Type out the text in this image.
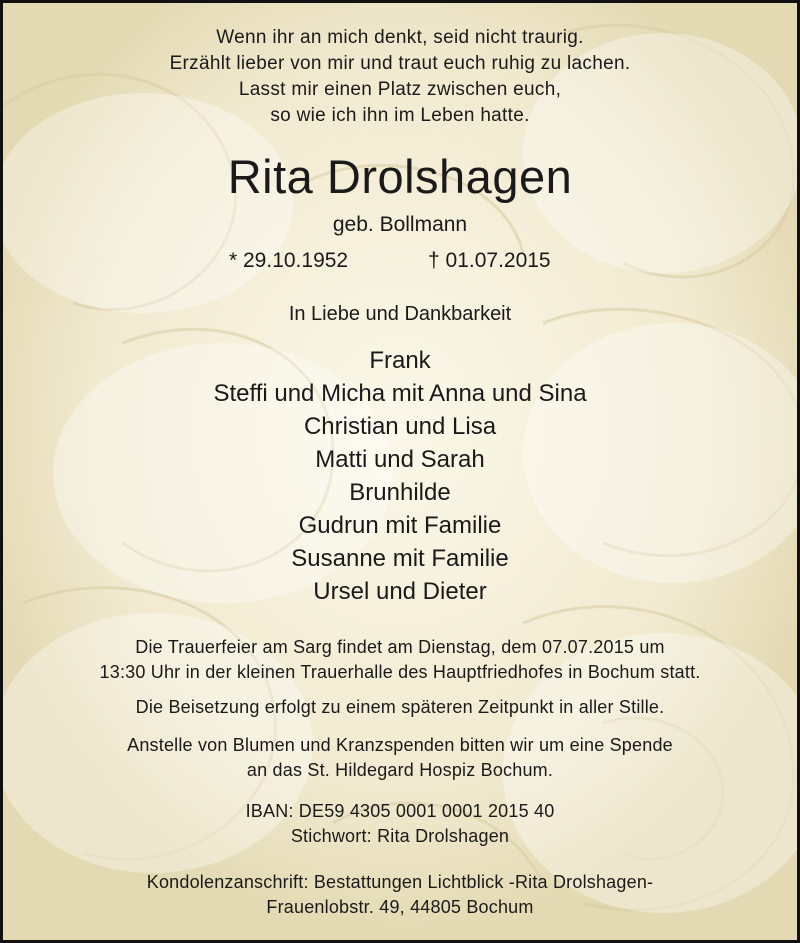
Wenn ihr an mich denkt, seid nicht traurig.
Erzählt lieber von mir und traut euch ruhig zu lachen.
Lasst mir einen Platz zwischen euch,
so wie ich ihn im Leben hatte.
Rita Drolshagen
geb. Bollmann
* 29.10.1952	† 01.07.2015
In Liebe und Dankbarkeit
Frank
Steffi und Micha mit Anna und Sina
Christian und Lisa
Matti und Sarah
Brunhilde
Gudrun mit Familie
Susanne mit Familie
Ursel und Dieter
Die Trauerfeier am Sarg findet am Dienstag, dem 07.07.2015 um
13:30 Uhr in der kleinen Trauerhalle des Hauptfriedhofes in Bochum statt.
Die Beisetzung erfolgt zu einem späteren Zeitpunkt in aller Stille.
Anstelle von Blumen und Kranzspenden bitten wir um eine Spende
an das St. Hildegard Hospiz Bochum.
IBAN: DE59 4305 0001 0001 2015 40
Stichwort: Rita Drolshagen
Kondolenzanschrift: Bestattungen Lichtblick -Rita Drolshagen-
Frauenlobstr. 49, 44805 Bochum
